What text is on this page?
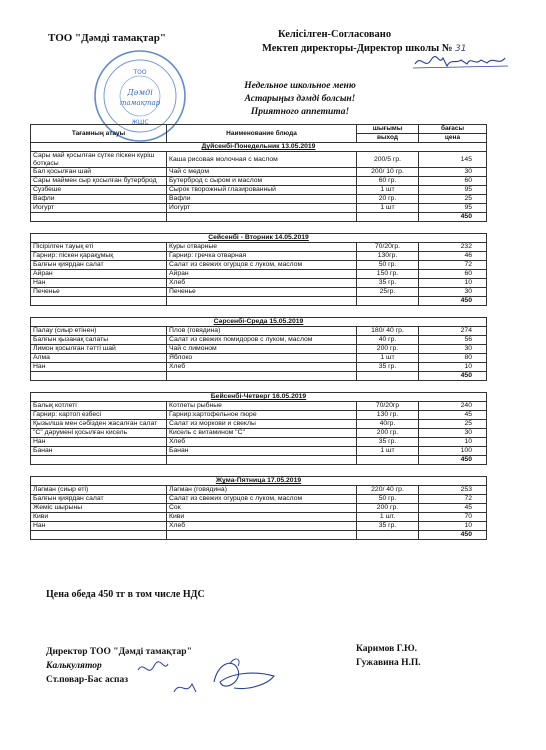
ТОО "Дәмді тамақтар"	Келісілген-Согласовано
Мектеп директоры-Директор школы № 31
ТОО
Дәмді
тамақтар
ЖШС
Недельное школьное меню
Астарыңыз дәмді болсын!
Приятного аппетита!
Тағамның атауы	Наименование блюда	шығымы	бағасы
		выход	цена
Дүйсенбі-Понедельник 13.05.2019			
Сары май қосылған сүтке піскен күріш ботқасы	Каша рисовая молочная с маслом	200/5 гр.	145
Бал қосылған шай	Чай с медом	200/ 10 гр.	30
Сары маймен сыр қосылған бутерброд	Бутерброд с сыром и маслом	60 гр.	60
Сузбеше	Сырок творожный глазированный	1 шт	95
Вафли	Вафли	20 гр.	25
Йогурт	Йогурт	1 шт	95
			450

Сейсенбі - Вторник 14.05.2019			
Пісірілген тауық еті	Куры отварные	70/20гр.	232
Гарнир: піскен қарақұмық	Гарнир: гречка отварная	130гр.	46
Балғын қиярдан салат	Салат из свежих огурцов с луком, маслом	50 гр.	72
Айран	Айран	150 гр.	60
Нан	Хлеб	35 гр.	10
Печенье	Печенье	25гр.	30
			450

Сәрсенбі-Среда 15.05.2019			
Палау (сиыр етінен)	Плов (говядина)	180/ 40 гр.	274
Балғын қызанақ салаты	Салат из свежих помидоров с луком, маслом	40 гр.	56
Лимон қосылған тәтті шай	Чай с лимоном	200 гр.	30
Алма	Яблоко	1 шт	80
Нан	Хлеб	35 гр.	10
			450

Бейсенбі-Четверг 16.05.2019			
Балық котлеті	Котлеты рыбные	70/20гр	240
Гарнир: картоп езбесі	Гарнир:картофельное пюре	130 гр.	45
Қызылша мен сәбізден жасалған салат	Салат из моркови и свеклы	40гр.	25
"С" дәрумені қосылған кисель	Кисель с витамином "С"	200 гр.	30
Нан	Хлеб	35 гр.	10
Банан	Банан	1 шт	100
			450

Жұма-Пятница 17.05.2019			
Лагман (сиыр еті)	Лагман (говядина)	220/ 40 гр.	253
Балғын қиярдан салат	Салат из свежих огурцов с луком, маслом	50 гр.	72
Жеміс шырыны	Сок	200 гр.	45
Киви	Киви	1 шт.	70
Нан	Хлеб	35 гр.	10
			450
Цена обеда 450 тг в том числе НДС
Директор ТОО "Дәмді тамақтар"
Калькулятор
Ст.повар-Бас аспаз
Каримов Г.Ю.
Гужавина Н.П.
